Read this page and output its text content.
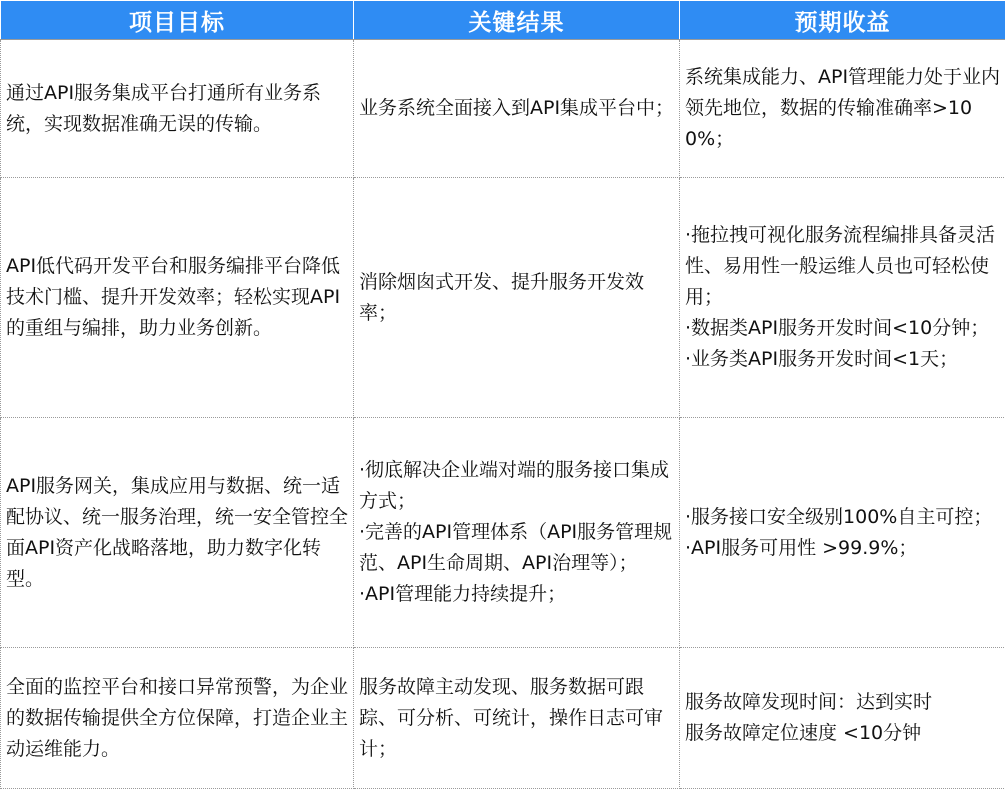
项目目标	关键结果	预期收益

通过API服务集成平台打通所有业务系统，实现数据准确无误的传输。	业务系统全面接入到API集成平台中；	系统集成能力、API管理能力处于业内领先地位，数据的传输准确率>100%；

API低代码开发平台和服务编排平台降低技术门槛、提升开发效率；轻松实现API的重组与编排，助力业务创新。	消除烟囱式开发、提升服务开发效率；	·拖拉拽可视化服务流程编排具备灵活性、易用性一般运维人员也可轻松使用；
·数据类API服务开发时间<10分钟；
·业务类API服务开发时间<1天；

API服务网关，集成应用与数据、统一适配协议、统一服务治理，统一安全管控全面API资产化战略落地，助力数字化转型。	·彻底解决企业端对端的服务接口集成方式；
·完善的API管理体系（API服务管理规范、API生命周期、API治理等）；
·API管理能力持续提升；	·服务接口安全级别100%自主可控；
·API服务可用性 >99.9%；

全面的监控平台和接口异常预警，为企业的数据传输提供全方位保障，打造企业主动运维能力。	服务故障主动发现、服务数据可跟踪、可分析、可统计，操作日志可审计；	服务故障发现时间：达到实时
服务故障定位速度 <10分钟
